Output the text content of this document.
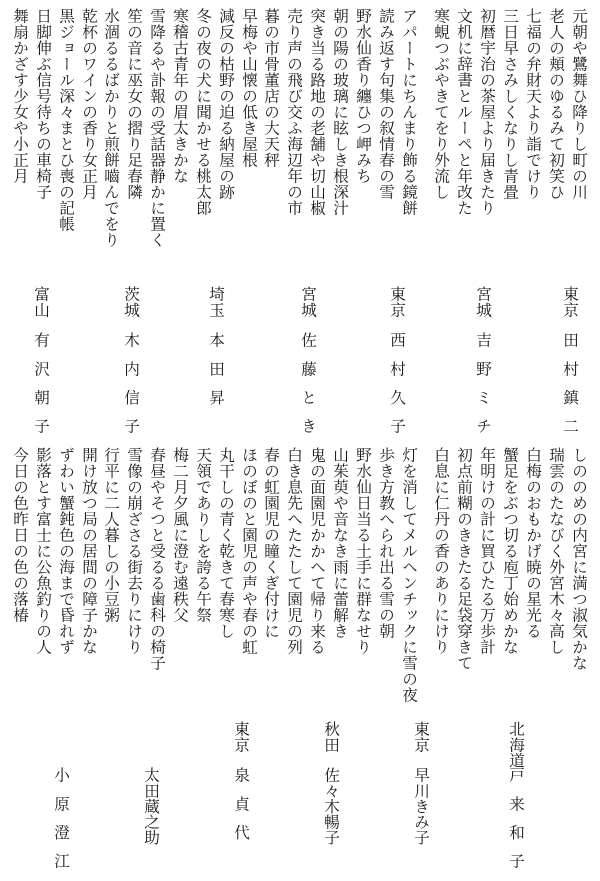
元朝や鷺舞ひ降りし町の川
老人の頬のゆるみて初笑ひ
七福の弁財天より詣でけり
三日早さみしくなりし青畳
初暦宇治の茶屋より届きたり
文机に辞書とルーペと年改た
寒蜆つぶやきてをり外流し
東京
田村鎮二
宮城
吉野ミチ
アパートにちんまり飾る鏡餅
読み返す句集の叙情春の雪
野水仙香り纏ひつ岬みち
朝の陽の玻璃に眩しき根深汁
突き当る路地の老舗や切山椒
売り声の飛び交ふ海辺年の市
暮の市骨董店の大天秤
東京
西村久子
宮城
佐藤とき
早梅や山懐の低き屋根
減反の枯野の迫る納屋の跡
冬の夜の犬に聞かせる桃太郎
寒稽古青年の眉太きかな
雪降るや訃報の受話器静かに置く
笙の音に巫女の摺り足春隣
水涸るるばかりと煎餅嚙んでをり
埼玉
本田昇
茨城
木内信子
乾杯のワインの香り女正月
黒ジョール深々まとひ喪の記帳
日脚伸ぶ信号待ちの車椅子
舞扇かざす少女や小正月
富山
有沢朝子
しののめの内宮に満つ淑気かな
瑞雲のたなびく外宮木々高し
白梅のおもかげ暁の星光る
蟹足をぶつ切る庖丁始めかな
年明けの計に買ひたる万歩計
初点前糊のききたる足袋穿きて
白息に仁丹の香のありにけり
北海道
戸来和子
東京
早川きみ子
灯を消してメルヘンチックに雪の夜
歩き方教へられ出る雪の朝
野水仙日当る土手に群なせり
山茱萸や音なき雨に蕾解き
鬼の面園児かかへて帰り来る
白き息先へたたして園児の列
春の虹園児の瞳くぎ付けに
ほのぼのと園児の声や春の虹
丸干しの青く乾きて春寒し
天領でありしを誇る午祭
梅二月夕風に澄む遠秩父
春昼やそつと受るる歯科の椅子
雪像の崩ざさる街去りにけり
行平に二人暮しの小豆粥
秋田
佐々木暢子
東京
泉貞代
開け放つ局の居間の障子かな
ずわい蟹鈍色の海まで昏れず
影落とす富士に公魚釣りの人
今日の色昨日の色の落椿
太田蔵之助
小原澄江
